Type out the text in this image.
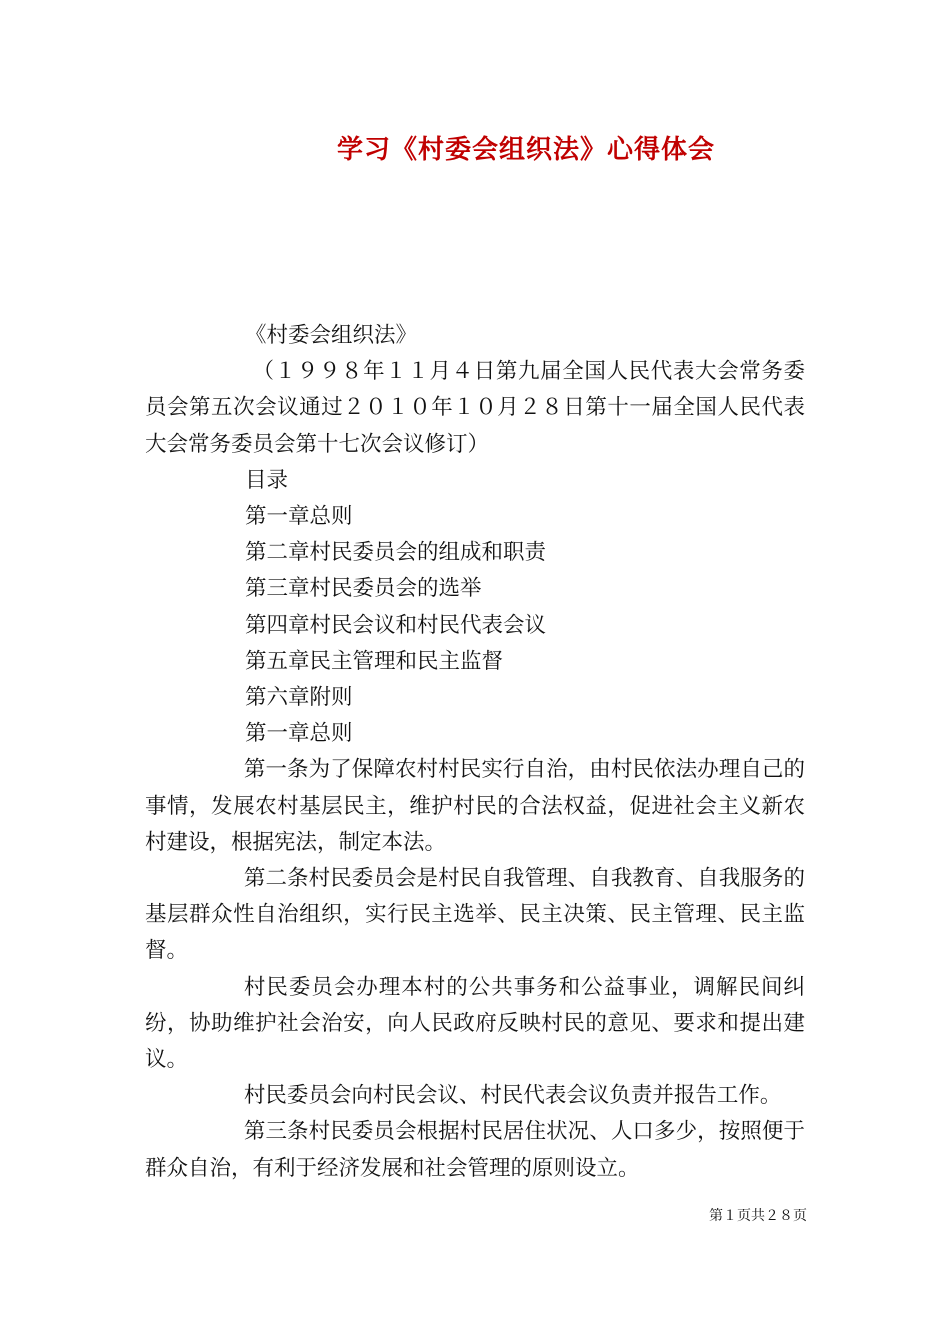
学习《村委会组织法》心得体会

《村委会组织法》

（１９９８年１１月４日第九届全国人民代表大会常务委员会第五次会议通过２０１０年１０月２８日第十一届全国人民代表大会常务委员会第十七次会议修订）

目录

第一章总则

第二章村民委员会的组成和职责

第三章村民委员会的选举

第四章村民会议和村民代表会议

第五章民主管理和民主监督

第六章附则

第一章总则

第一条为了保障农村村民实行自治，由村民依法办理自己的事情，发展农村基层民主，维护村民的合法权益，促进社会主义新农村建设，根据宪法，制定本法。

第二条村民委员会是村民自我管理、自我教育、自我服务的基层群众性自治组织，实行民主选举、民主决策、民主管理、民主监督。

村民委员会办理本村的公共事务和公益事业，调解民间纠纷，协助维护社会治安，向人民政府反映村民的意见、要求和提出建议。

村民委员会向村民会议、村民代表会议负责并报告工作。

第三条村民委员会根据村民居住状况、人口多少，按照便于群众自治，有利于经济发展和社会管理的原则设立。

第１页共２８页
